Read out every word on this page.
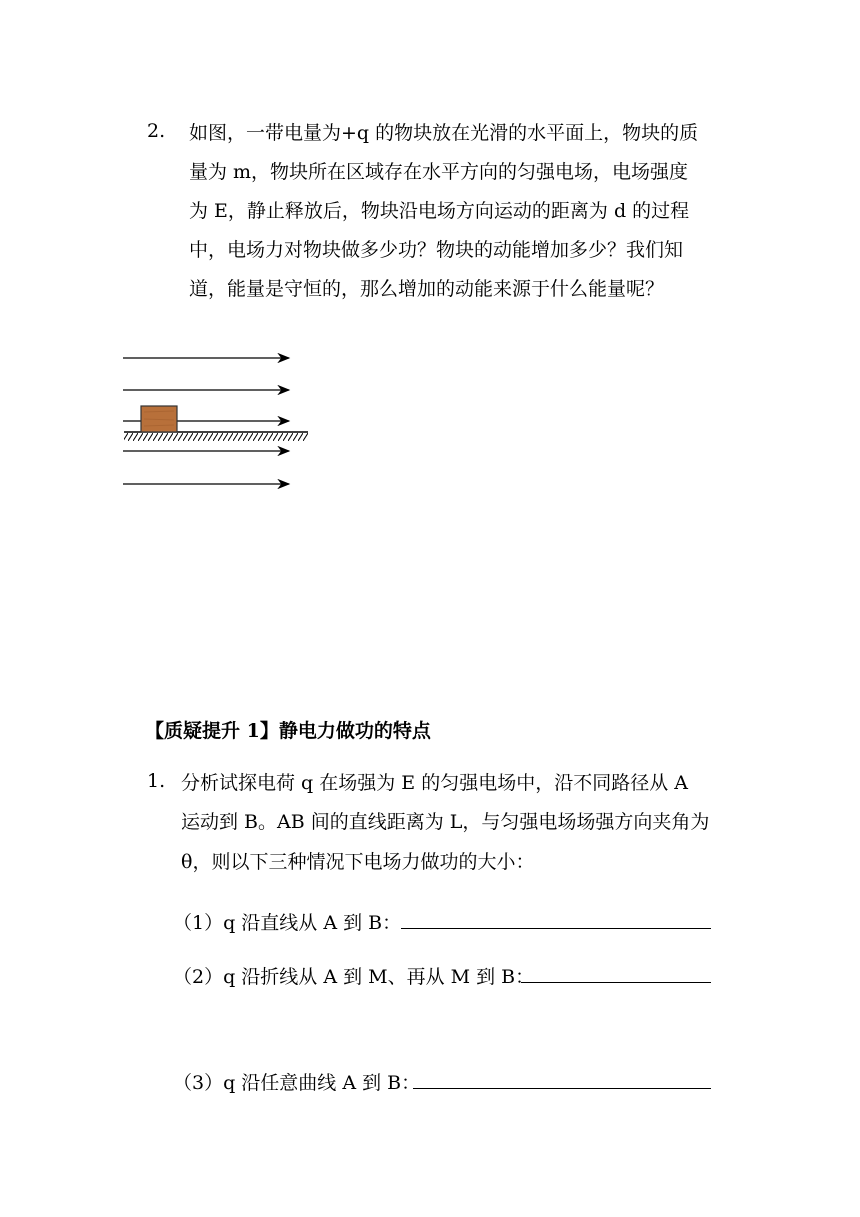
2. 如图，一带电量为+q 的物块放在光滑的水平面上，物块的质
量为 m，物块所在区域存在水平方向的匀强电场，电场强度
为 E，静止释放后，物块沿电场方向运动的距离为 d 的过程
中，电场力对物块做多少功？物块的动能增加多少？我们知
道，能量是守恒的，那么增加的动能来源于什么能量呢？
【质疑提升 1】静电力做功的特点
1. 分析试探电荷 q 在场强为 E 的匀强电场中，沿不同路径从 A
运动到 B。AB 间的直线距离为 L，与匀强电场场强方向夹角为
θ，则以下三种情况下电场力做功的大小：
（1）q 沿直线从 A 到 B：
（2）q 沿折线从 A 到 M、再从 M 到 B：
（3）q 沿任意曲线 A 到 B：
